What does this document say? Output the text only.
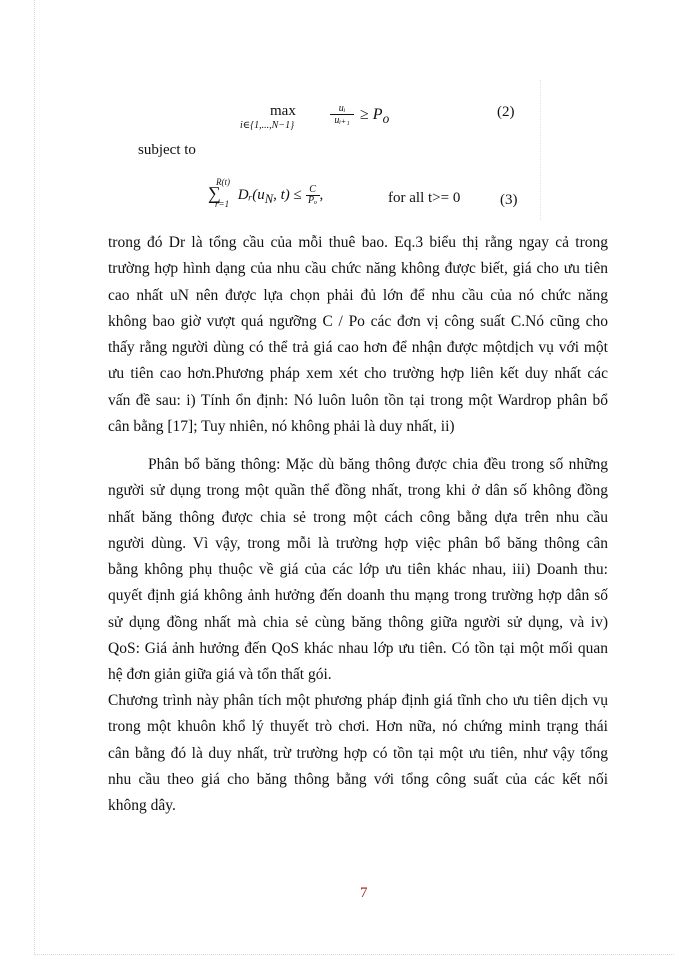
max
i∈{1,...,N−1}	$\frac{\text{uᵢ}}{\text{uᵢ₊₁}} \ge P_o$	(2)
subject to
∑
R(t)
r=1
$Dᵣ(u_N$, $t) \le \frac{C}{\text{Pₒ}}$ ,	for all t>= 0	(3)
trong đó Dr là tổng cầu của mỗi thuê bao. Eq.3 biểu thị rằng ngay cả trong
trường hợp hình dạng của nhu cầu chức năng không được biết, giá cho ưu tiên
cao nhất uN nên được lựa chọn phải đủ lớn để nhu cầu của nó chức năng
không bao giờ vượt quá ngưỡng C / Po các đơn vị công suất C.Nó cũng cho
thấy rằng người dùng có thể trả giá cao hơn để nhận được mộtdịch vụ với một
ưu tiên cao hơn.Phương pháp xem xét cho trường hợp liên kết duy nhất các
vấn đề sau: i) Tính ổn định: Nó luôn luôn tồn tại trong một Wardrop phân bổ
cân bằng [17]; Tuy nhiên, nó không phải là duy nhất, ii)
Phân bổ băng thông: Mặc dù băng thông được chia đều trong số những
người sử dụng trong một quần thể đồng nhất, trong khi ở dân số không đồng
nhất băng thông được chia sẻ trong một cách công bằng dựa trên nhu cầu
người dùng. Vì vậy, trong mỗi là trường hợp việc phân bổ băng thông cân
bằng không phụ thuộc về giá của các lớp ưu tiên khác nhau, iii) Doanh thu:
quyết định giá không ảnh hưởng đến doanh thu mạng trong trường hợp dân số
sử dụng đồng nhất mà chia sẻ cùng băng thông giữa người sử dụng, và iv)
QoS: Giá ảnh hưởng đến QoS khác nhau lớp ưu tiên. Có tồn tại một mối quan
hệ đơn giản giữa giá và tổn thất gói.
Chương trình này phân tích một phương pháp định giá tĩnh cho ưu tiên dịch vụ
trong một khuôn khổ lý thuyết trò chơi. Hơn nữa, nó chứng minh trạng thái
cân bằng đó là duy nhất, trừ trường hợp có tồn tại một ưu tiên, như vậy tổng
nhu cầu theo giá cho băng thông bằng với tổng công suất của các kết nối
không dây.
7
